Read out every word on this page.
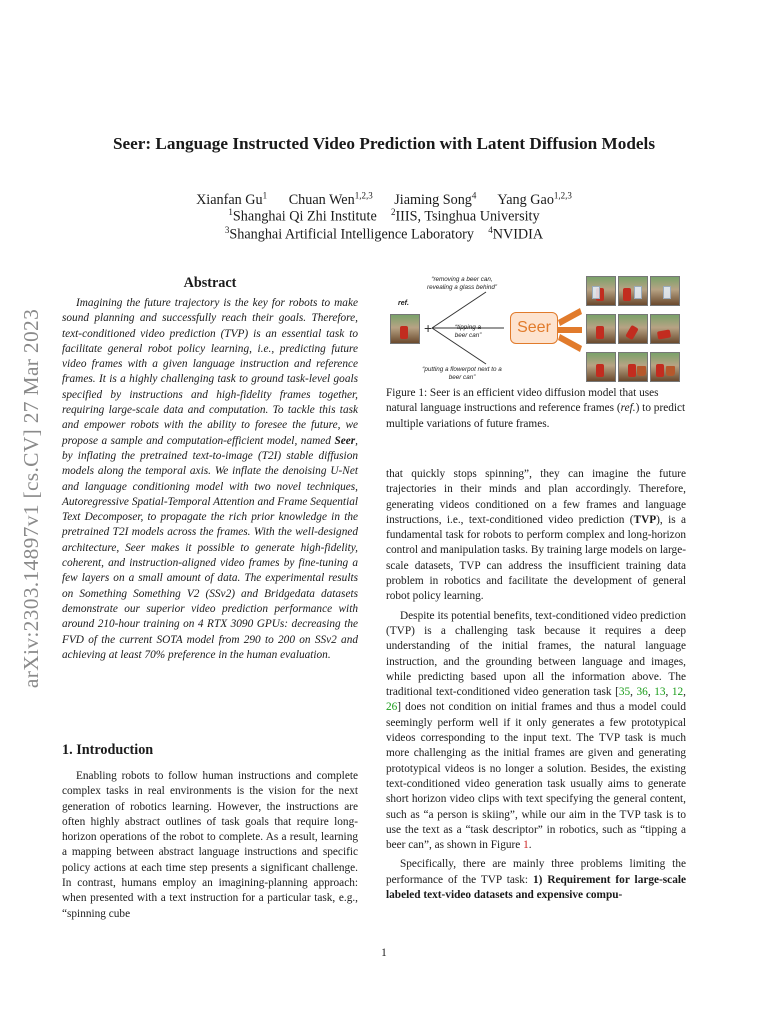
arXiv:2303.14897v1 [cs.CV] 27 Mar 2023
Seer: Language Instructed Video Prediction with Latent Diffusion Models
Xianfan Gu$^1$ Chuan Wen$^{1,2,3}$ Jiaming Song$^4$ Yang Gao$^{1,2,3}$
$^1$Shanghai Qi Zhi Institute $^2$IIIS, Tsinghua University
$^3$Shanghai Artificial Intelligence Laboratory $^4$NVIDIA
Abstract
Imagining the future trajectory is the key for robots to make sound planning and successfully reach their goals. Therefore, text-conditioned video prediction (TVP) is an essential task to facilitate general robot policy learning, i.e., predicting future video frames with a given language instruction and reference frames. It is a highly challenging task to ground task-level goals specified by instructions and high-fidelity frames together, requiring large-scale data and computation. To tackle this task and empower robots with the ability to foresee the future, we propose a sample and computation-efficient model, named Seer, by inflating the pretrained text-to-image (T2I) stable diffusion models along the temporal axis. We inflate the denoising U-Net and language conditioning model with two novel techniques, Autoregressive Spatial-Temporal Attention and Frame Sequential Text Decomposer, to propagate the rich prior knowledge in the pretrained T2I models across the frames. With the well-designed architecture, Seer makes it possible to generate high-fidelity, coherent, and instruction-aligned video frames by fine-tuning a few layers on a small amount of data. The experimental results on Something Something V2 (SSv2) and Bridgedata datasets demonstrate our superior video prediction performance with around 210-hour training on 4 RTX 3090 GPUs: decreasing the FVD of the current SOTA model from 290 to 200 on SSv2 and achieving at least 70% preference in the human evaluation.
1. Introduction
Enabling robots to follow human instructions and complete complex tasks in real environments is the vision for the next generation of robotics learning. However, the instructions are often highly abstract outlines of task goals that require long-horizon operations of the robot to complete. As a result, learning a mapping between abstract language instructions and specific policy actions at each time step presents a significant challenge. In contrast, humans employ an imagining-planning approach: when presented with a text instruction for a particular task, e.g., “spinning cube
ref.
+
“removing a beer can, revealing a glass behind”
“tipping a beer can”
“putting a flowerpot next to a beer can”
Seer
Figure 1: Seer is an efficient video diffusion model that uses natural language instructions and reference frames (ref.) to predict multiple variations of future frames.

that quickly stops spinning”, they can imagine the future trajectories in their minds and plan accordingly. Therefore, generating videos conditioned on a few frames and language instructions, i.e., text-conditioned video prediction (TVP), is a fundamental task for robots to perform complex and long-horizon control and manipulation tasks. By training large models on large-scale datasets, TVP can address the insufficient training data problem in robotics and facilitate the development of general robot policy learning.

Despite its potential benefits, text-conditioned video prediction (TVP) is a challenging task because it requires a deep understanding of the initial frames, the natural language instruction, and the grounding between language and images, while predicting based upon all the information above. The traditional text-conditioned video generation task [35, 36, 13, 12, 26] does not condition on initial frames and thus a model could seemingly perform well if it only generates a few prototypical videos corresponding to the input text. The TVP task is much more challenging as the initial frames are given and generating prototypical videos is no longer a solution. Besides, the existing text-conditioned video generation task usually aims to generate short horizon video clips with text specifying the general content, such as “a person is skiing”, while our aim in the TVP task is to use the text as a “task descriptor” in robotics, such as “tipping a beer can”, as shown in Figure 1.

Specifically, there are mainly three problems limiting the performance of the TVP task: 1) Requirement for large-scale labeled text-video datasets and expensive compu-

1
